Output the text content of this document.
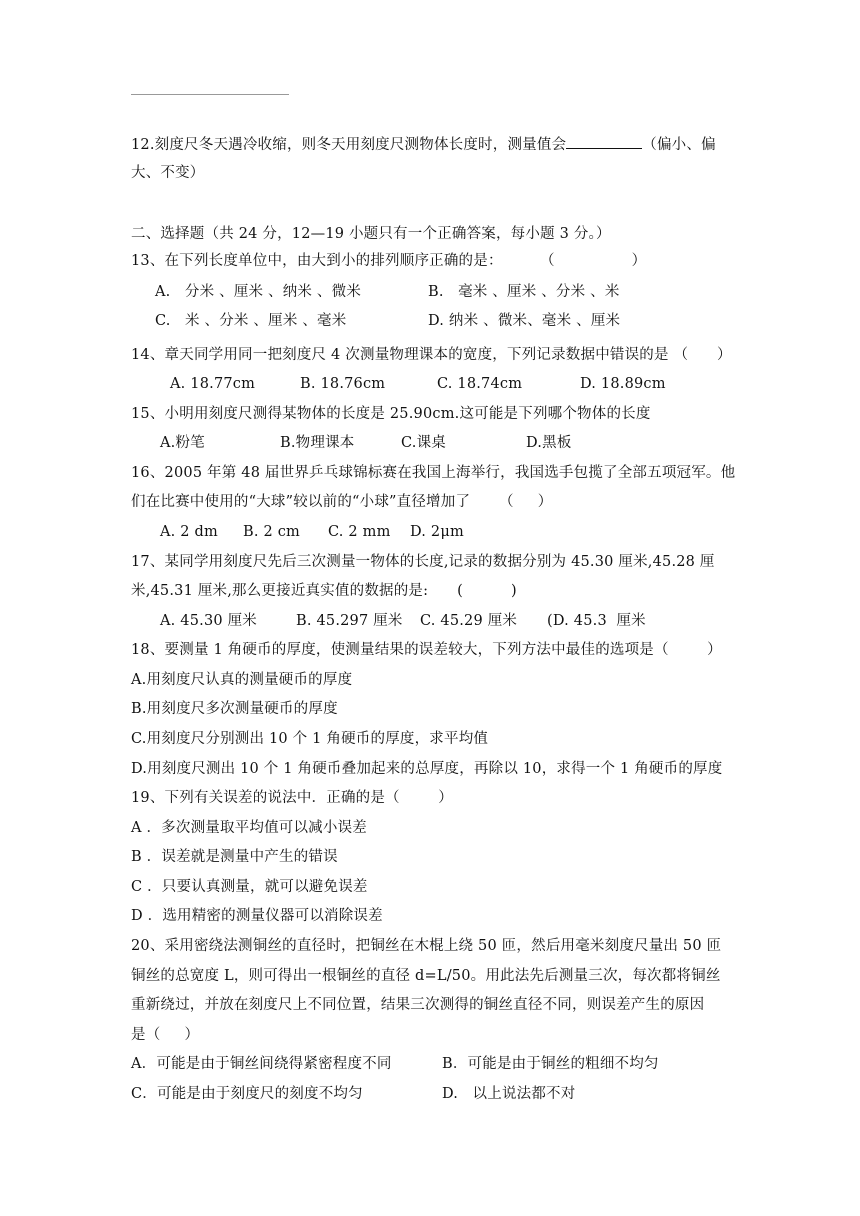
12.刻度尺冬天遇冷收缩，则冬天用刻度尺测物体长度时，测量值会	（偏小、偏
大、不变）
二、选择题（共 24 分，12—19 小题只有一个正确答案，每小题 3 分。）
13、在下列长度单位中，由大到小的排列顺序正确的是：	（                ）
A.   分米 、厘米 、纳米 、微米	B.   毫米 、厘米 、分米 、米
C.   米 、分米 、厘米 、毫米	D. 纳米 、微米、毫米 、厘米
14、章天同学用同一把刻度尺 4 次测量物理课本的宽度，下列记录数据中错误的是 （      ）
A. 18.77cm	B. 18.76cm	C. 18.74cm	D. 18.89cm
15、小明用刻度尺测得某物体的长度是 25.90cm.这可能是下列哪个物体的长度
A.粉笔	B.物理课本	C.课桌	D.黑板
16、2005 年第 48 届世界乒乓球锦标赛在我国上海举行，我国选手包揽了全部五项冠军。他
们在比赛中使用的“大球”较以前的“小球”直径增加了      （     ）
A. 2 dm B. 2 cm C. 2 mm D. 2μm
17、某同学用刻度尺先后三次测量一物体的长度,记录的数据分别为 45.30 厘米,45.28 厘
米,45.31 厘米,那么更接近真实值的数据的是:      (          )
A. 45.30 厘米	B. 45.297 厘米 C. 45.29 厘米 (D. 45.3  厘米
18、要测量 1 角硬币的厚度，使测量结果的误差较大，下列方法中最佳的选项是（        ）
A.用刻度尺认真的测量硬币的厚度
B.用刻度尺多次测量硬币的厚度
C.用刻度尺分别测出 10 个 1 角硬币的厚度，求平均值
D.用刻度尺测出 10 个 1 角硬币叠加起来的总厚度，再除以 10，求得一个 1 角硬币的厚度
19、下列有关误差的说法中．正确的是（        ）
A ．多次测量取平均值可以减小误差
B ．误差就是测量中产生的错误
C ．只要认真测量，就可以避免误差
D ．选用精密的测量仪器可以消除误差
20、采用密绕法测铜丝的直径时，把铜丝在木棍上绕 50 匝，然后用毫米刻度尺量出 50 匝
铜丝的总宽度 L，则可得出一根铜丝的直径 d=L/50。用此法先后测量三次，每次都将铜丝
重新绕过，并放在刻度尺上不同位置，结果三次测得的铜丝直径不同，则误差产生的原因
是（     ）
A．可能是由于铜丝间绕得紧密程度不同	B．可能是由于铜丝的粗细不均匀
C．可能是由于刻度尺的刻度不均匀	D.   以上说法都不对
